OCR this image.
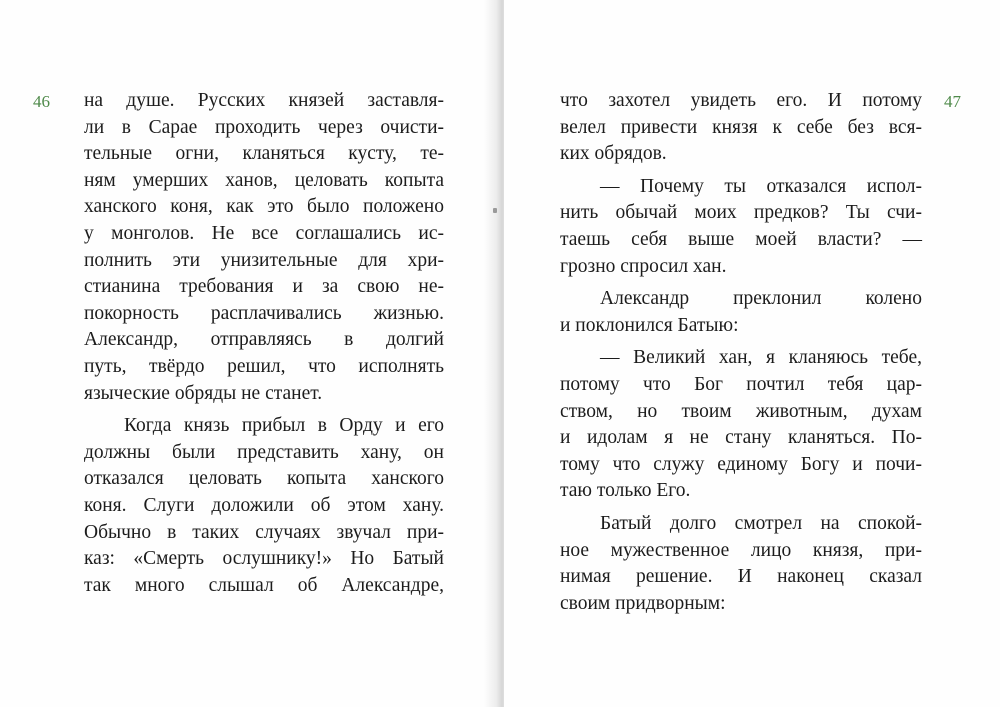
46 на душе. Русских князей заставля-
ли в Сарае проходить через очисти-
тельные огни, кланяться кусту, те-
ням умерших ханов, целовать копыта
ханского коня, как это было положено
у монголов. Не все соглашались ис-
полнить эти унизительные для хри-
стианина требования и за свою не-
покорность расплачивались жизнью.
Александр, отправляясь в долгий
путь, твёрдо решил, что исполнять
языческие обряды не станет.
Когда князь прибыл в Орду и его
должны были представить хану, он
отказался целовать копыта ханского
коня. Слуги доложили об этом хану.
Обычно в таких случаях звучал при-
каз: «Смерть ослушнику!» Но Батый
так много слышал об Александре,
47
что захотел увидеть его. И потому
велел привести князя к себе без вся-
ких обрядов.
— Почему ты отказался испол-
нить обычай моих предков? Ты счи-
таешь себя выше моей власти? —
грозно спросил хан.
Александр преклонил колено
и поклонился Батыю:
— Великий хан, я кланяюсь тебе,
потому что Бог почтил тебя цар-
ством, но твоим животным, духам
и идолам я не стану кланяться. По-
тому что служу единому Богу и почи-
таю только Его.
Батый долго смотрел на спокой-
ное мужественное лицо князя, при-
нимая решение. И наконец сказал
своим придворным:
